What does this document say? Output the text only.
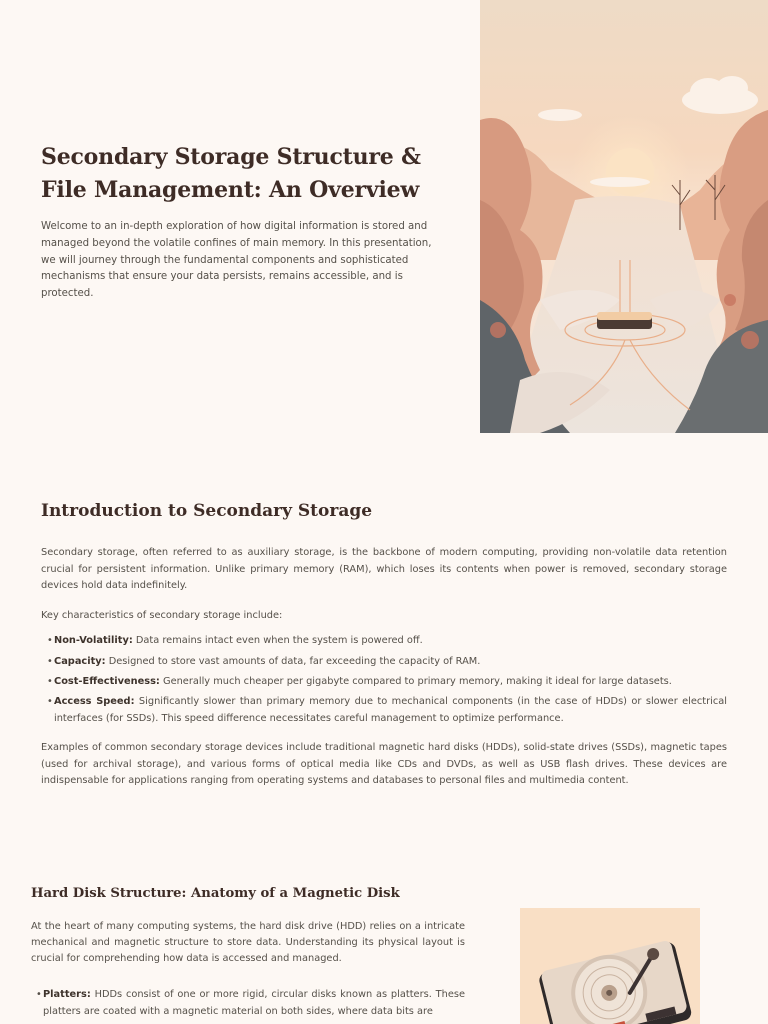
Secondary Storage Structure & File Management: An Overview

Welcome to an in-depth exploration of how digital information is stored and managed beyond the volatile confines of main memory. In this presentation, we will journey through the fundamental components and sophisticated mechanisms that ensure your data persists, remains accessible, and is protected.

Introduction to Secondary Storage

Secondary storage, often referred to as auxiliary storage, is the backbone of modern computing, providing non-volatile data retention crucial for persistent information. Unlike primary memory (RAM), which loses its contents when power is removed, secondary storage devices hold data indefinitely.

Key characteristics of secondary storage include:

• Non-Volatility: Data remains intact even when the system is powered off.
• Capacity: Designed to store vast amounts of data, far exceeding the capacity of RAM.
• Cost-Effectiveness: Generally much cheaper per gigabyte compared to primary memory, making it ideal for large datasets.
• Access Speed: Significantly slower than primary memory due to mechanical components (in the case of HDDs) or slower electrical interfaces (for SSDs). This speed difference necessitates careful management to optimize performance.

Examples of common secondary storage devices include traditional magnetic hard disks (HDDs), solid-state drives (SSDs), magnetic tapes (used for archival storage), and various forms of optical media like CDs and DVDs, as well as USB flash drives. These devices are indispensable for applications ranging from operating systems and databases to personal files and multimedia content.

Hard Disk Structure: Anatomy of a Magnetic Disk

At the heart of many computing systems, the hard disk drive (HDD) relies on a intricate mechanical and magnetic structure to store data. Understanding its physical layout is crucial for comprehending how data is accessed and managed.

• Platters: HDDs consist of one or more rigid, circular disks known as platters. These platters are coated with a magnetic material on both sides, where data bits are
